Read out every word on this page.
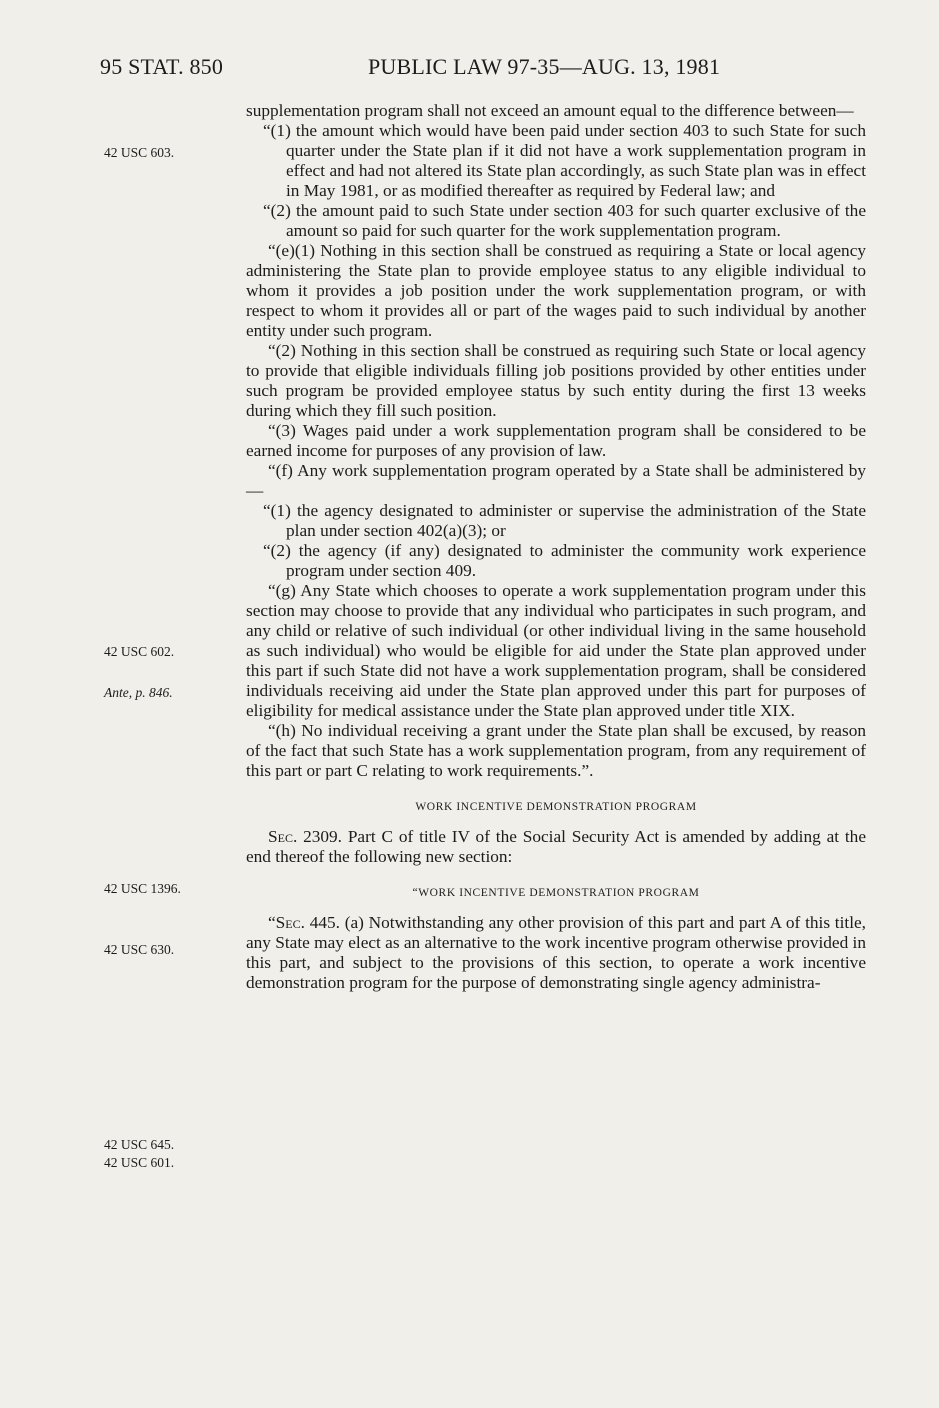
95 STAT. 850	PUBLIC LAW 97-35—AUG. 13, 1981
42 USC 603.
42 USC 602.
Ante, p. 846.
42 USC 1396.
42 USC 630.
42 USC 645.
42 USC 601.

supplementation program shall not exceed an amount equal to the difference between—

“(1) the amount which would have been paid under section 403 to such State for such quarter under the State plan if it did not have a work supplementation program in effect and had not altered its State plan accordingly, as such State plan was in effect in May 1981, or as modified thereafter as required by Federal law; and

“(2) the amount paid to such State under section 403 for such quarter exclusive of the amount so paid for such quarter for the work supplementation program.

“(e)(1) Nothing in this section shall be construed as requiring a State or local agency administering the State plan to provide employee status to any eligible individual to whom it provides a job position under the work supplementation program, or with respect to whom it provides all or part of the wages paid to such individual by another entity under such program.

“(2) Nothing in this section shall be construed as requiring such State or local agency to provide that eligible individuals filling job positions provided by other entities under such program be provided employee status by such entity during the first 13 weeks during which they fill such position.

“(3) Wages paid under a work supplementation program shall be considered to be earned income for purposes of any provision of law.

“(f) Any work supplementation program operated by a State shall be administered by—

“(1) the agency designated to administer or supervise the administration of the State plan under section 402(a)(3); or

“(2) the agency (if any) designated to administer the community work experience program under section 409.

“(g) Any State which chooses to operate a work supplementation program under this section may choose to provide that any individual who participates in such program, and any child or relative of such individual (or other individual living in the same household as such individual) who would be eligible for aid under the State plan approved under this part if such State did not have a work supplementation program, shall be considered individuals receiving aid under the State plan approved under this part for purposes of eligibility for medical assistance under the State plan approved under title XIX.

“(h) No individual receiving a grant under the State plan shall be excused, by reason of the fact that such State has a work supplementation program, from any requirement of this part or part C relating to work requirements.”.

WORK INCENTIVE DEMONSTRATION PROGRAM

Sec. 2309. Part C of title IV of the Social Security Act is amended by adding at the end thereof the following new section:

“WORK INCENTIVE DEMONSTRATION PROGRAM

“Sec. 445. (a) Notwithstanding any other provision of this part and part A of this title, any State may elect as an alternative to the work incentive program otherwise provided in this part, and subject to the provisions of this section, to operate a work incentive demonstration program for the purpose of demonstrating single agency administra-
